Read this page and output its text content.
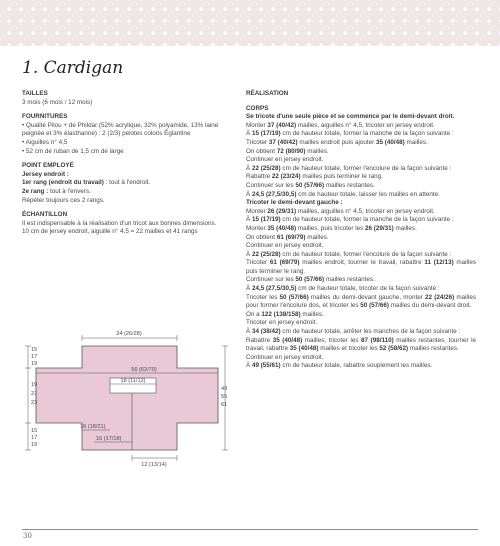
1. Cardigan
TAILLES
3 mois (6 mois / 12 mois)
FOURNITURES
• Qualité Pilou + de Phildar (52% acrylique, 32% polyamide, 13% laine peignée et 3% élasthanne) : 2 (2/3) pelotes coloris Églantine
• Aiguilles n° 4,5
• 52 cm de ruban de 1,5 cm de large
POINT EMPLOYÉ
Jersey endroit :
1er rang (endroit du travail) : tout à l'endroit.
2e rang : tout à l'envers.
Répéter toujours ces 2 rangs.
ÉCHANTILLON
Il est indispensable à la réalisation d'un tricot aux bonnes dimensions.
10 cm de jersey endroit, aiguille n° 4,5 = 22 mailles et 41 rangs
RÉALISATION
CORPS
Se tricote d'une seule pièce et se commence par le demi-devant droit.
Monter 37 (40/42) mailles, aiguilles n° 4,5, tricoter en jersey endroit.
À 15 (17/19) cm de hauteur totale, former la manche de la façon suivante :
Tricoter 37 (40/42) mailles endroit puis ajouter 35 (40/48) mailles.
On obtient 72 (80/90) mailles.
Continuer en jersey endroit.
À 22 (25/28) cm de hauteur totale, former l'encolure de la façon suivante :
Rabattre 22 (23/24) mailles puis terminer le rang.
Continuer sur les 50 (57/66) mailles restantes.
À 24,5 (27,5/30,5) cm de hauteur totale, laisser les mailles en attente.
Tricoter le demi-devant gauche :
Monter 26 (29/31) mailles, aiguilles n° 4,5, tricoter en jersey endroit.
À 15 (17/19) cm de hauteur totale, former la manche de la façon suivante :
Monter 35 (40/48) mailles, puis tricoter les 26 (29/31) mailles.
On obtient 61 (69/79) mailles.
Continuer en jersey endroit.
À 22 (25/28) cm de hauteur totale, former l'encolure de la façon suivante :
Tricoter 61 (69/79) mailles endroit, tourner le travail, rabattre 11 (12/13) mailles puis terminer le rang.
Continuer sur les 50 (57/66) mailles restantes.
À 24,5 (27,5/30,5) cm de hauteur totale, tricoter de la façon suivante :
Tricoter les 50 (57/66) mailles du demi-devant gauche, monter 22 (24/26) mailles pour former l'encolure dos, et tricoter les 50 (57/66) mailles du demi-devant droit.
On a 122 (138/158) mailles.
Tricoter en jersey endroit.
À 34 (38/42) cm de hauteur totale, arrêter les manches de la façon suivante :
Rabattre 35 (40/48) mailles, tricoter les 87 (98/110) mailles restantes, tourner le travail, rabattre 35 (40/48) mailles et tricoter les 52 (58/62) mailles restantes.
Continuer en jersey endroit.
À 49 (55/61) cm de hauteur totale, rabattre souplement les mailles.
24 (26/28)
56 (62/70)
18 (11/12)
15
17
19
19
21
23
15
17
19
49
55
61
16 (18/21)
16 (17/18)
12 (13/14)
30
